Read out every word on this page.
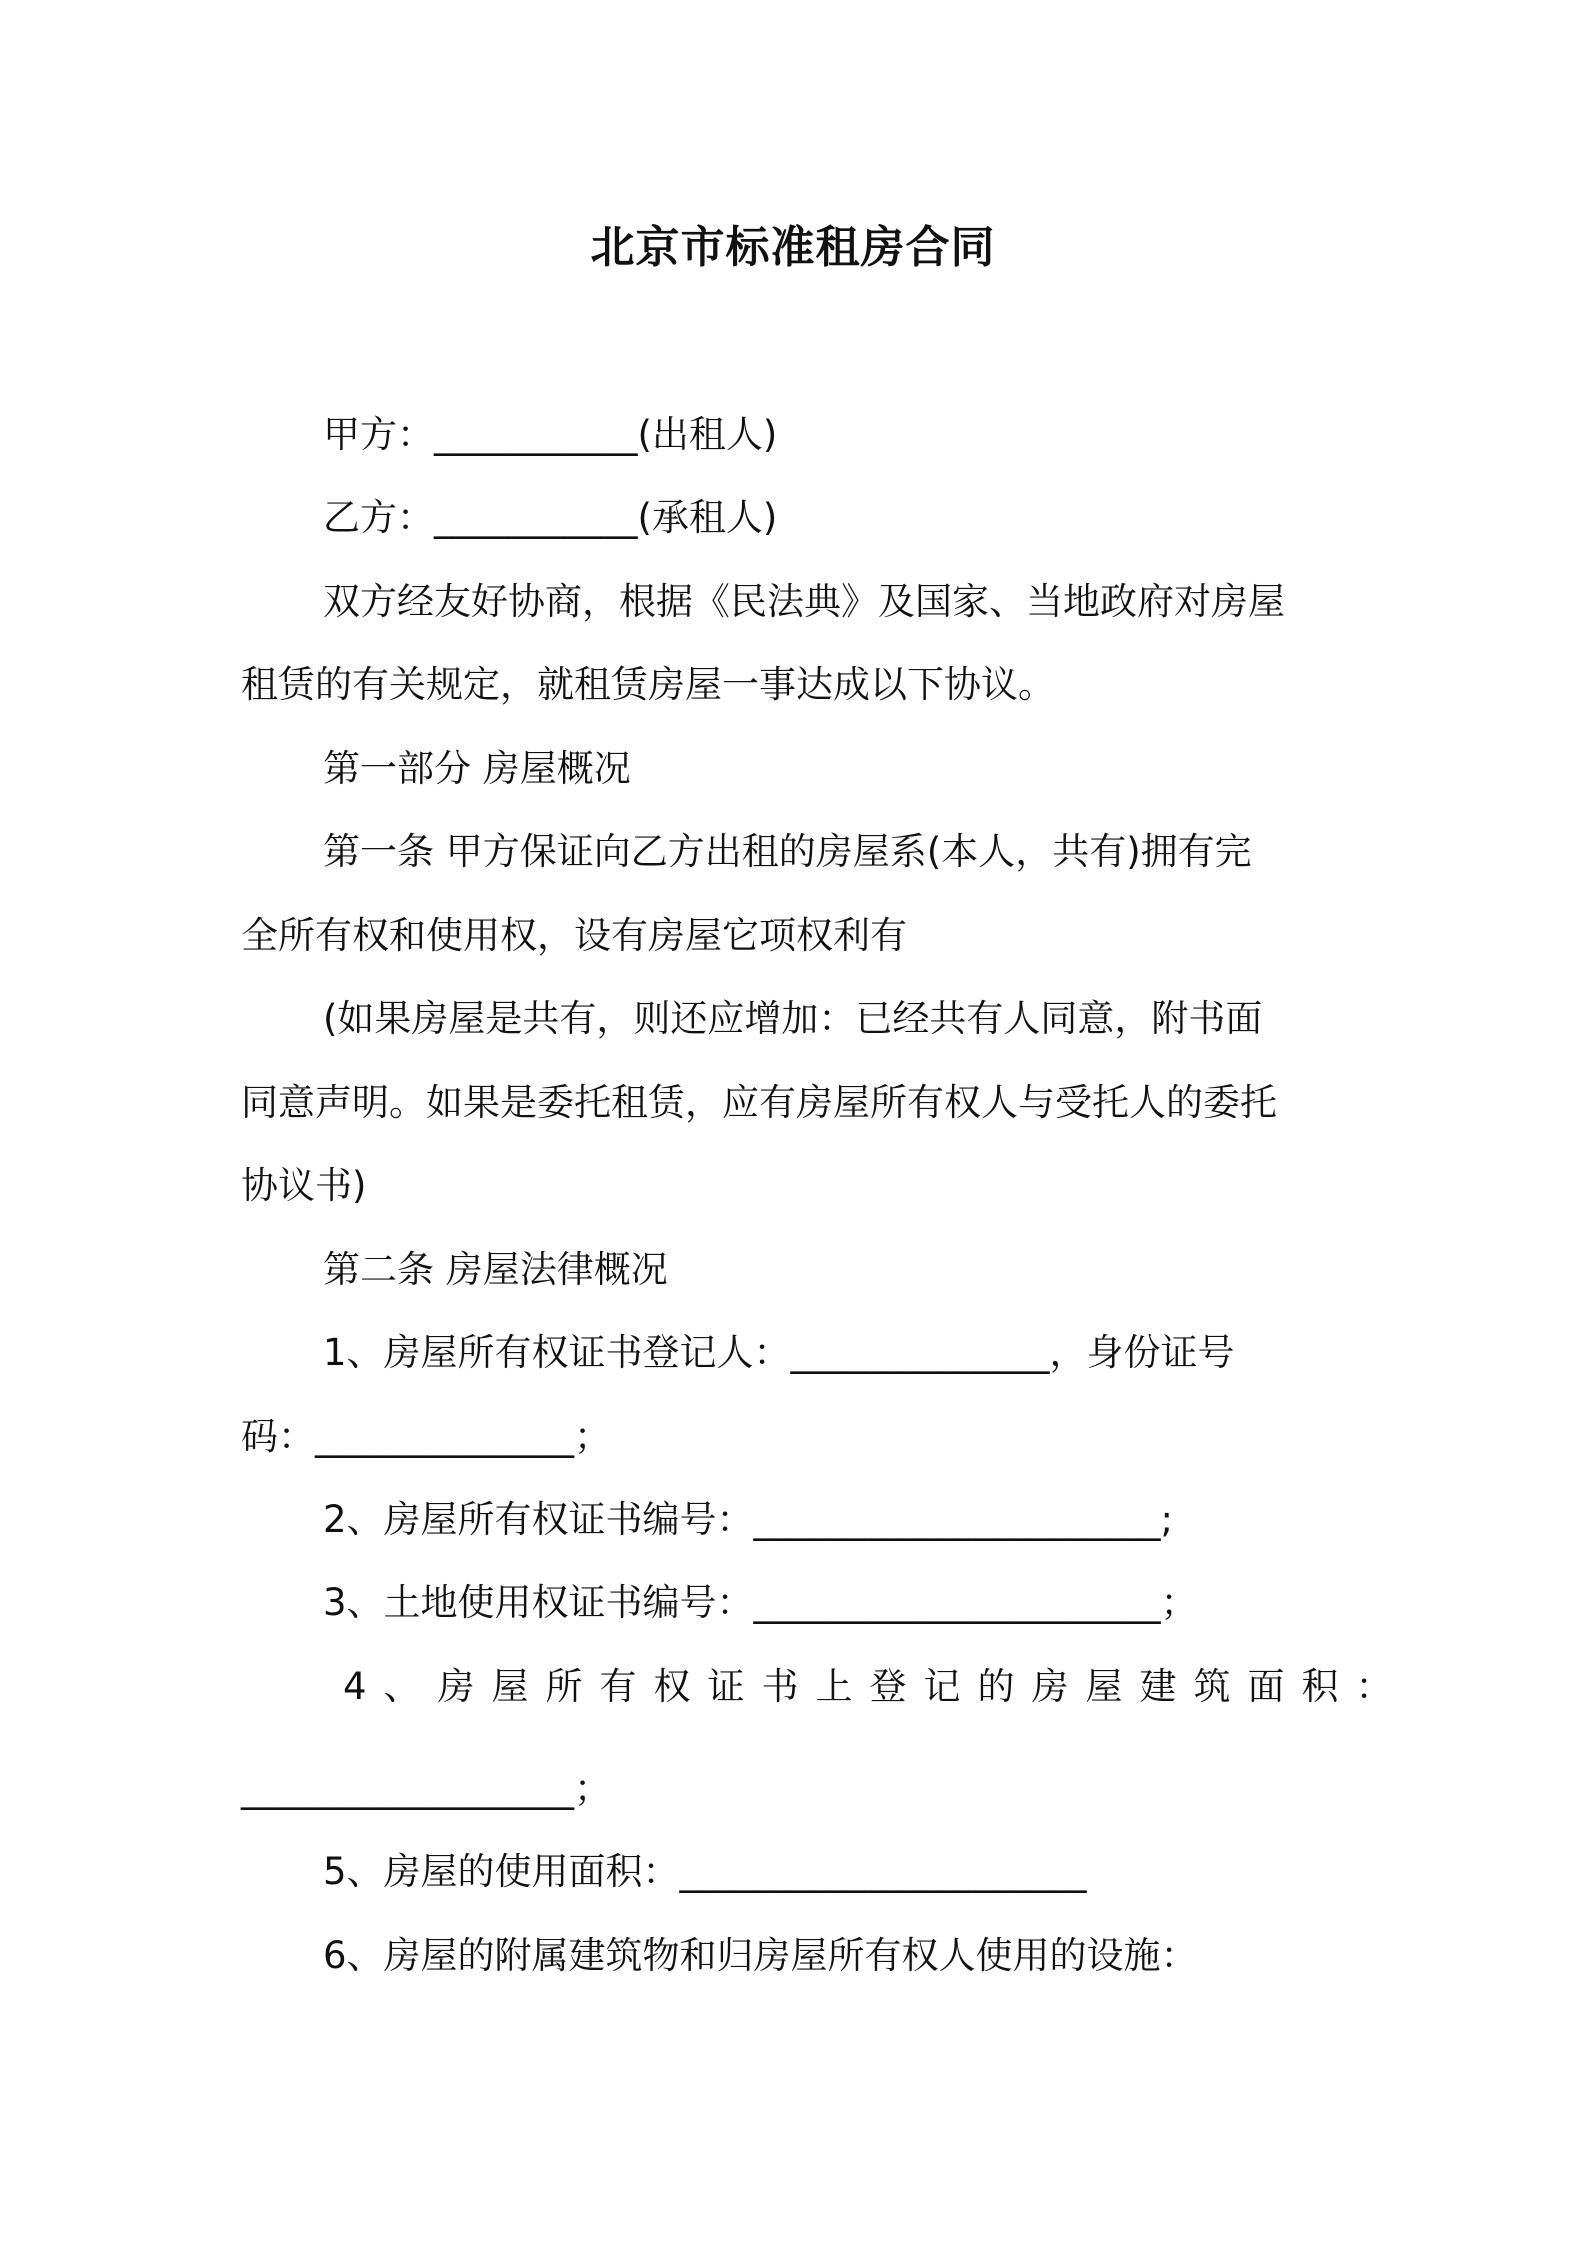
北京市标准租房合同
甲方：___________(出租人)
乙方：___________(承租人)
双方经友好协商，根据《民法典》及国家、当地政府对房屋
租赁的有关规定，就租赁房屋一事达成以下协议。
第一部分 房屋概况
第一条 甲方保证向乙方出租的房屋系(本人，共有)拥有完
全所有权和使用权，设有房屋它项权利有
(如果房屋是共有，则还应增加：已经共有人同意，附书面
同意声明。如果是委托租赁，应有房屋所有权人与受托人的委托
协议书)
第二条 房屋法律概况
1、房屋所有权证书登记人：______________，身份证号
码：______________；
2、房屋所有权证书编号：______________________;
3、土地使用权证书编号：______________________；
4、房屋所有权证书上登记的房屋建筑面积：
__________________；
5、房屋的使用面积：______________________
6、房屋的附属建筑物和归房屋所有权人使用的设施：
